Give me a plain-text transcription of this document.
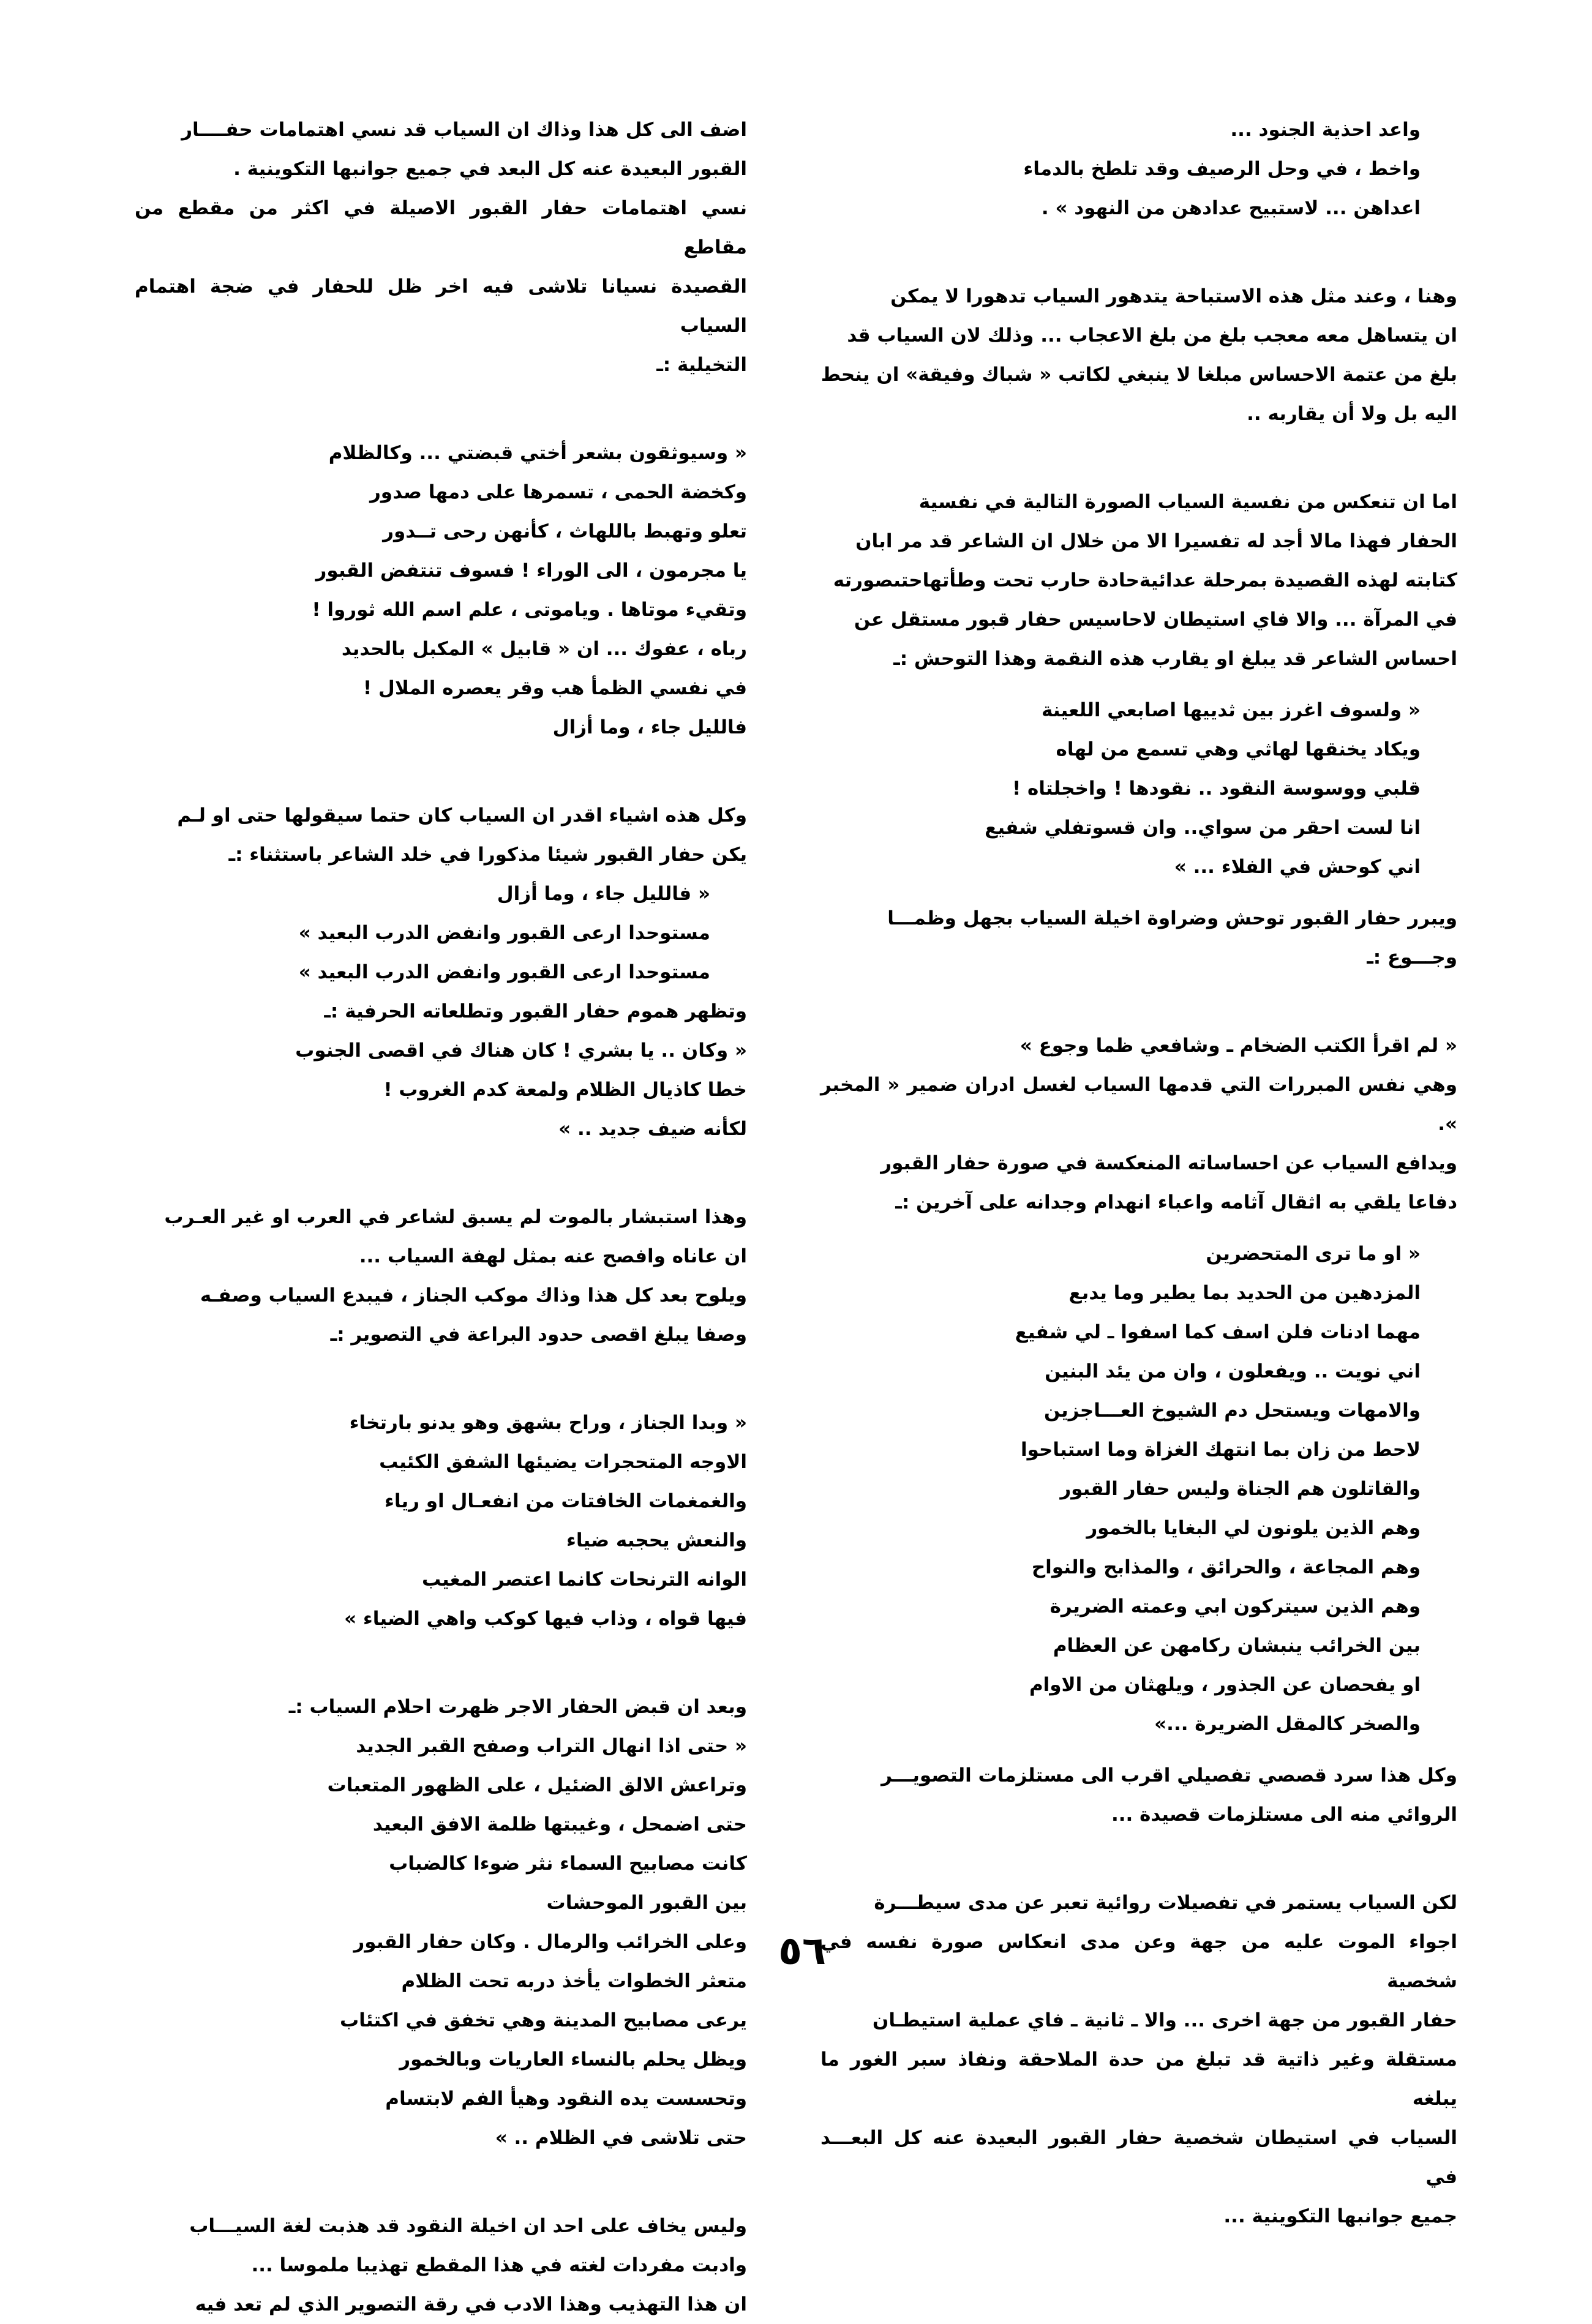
واعد احذية الجنود ...
واخط ، في وحل الرصيف وقد تلطخ بالدماء
اعداهن ... لاستبيح عدادهن من النهود » .
وهنا ، وعند مثل هذه الاستباحة يتدهور السياب تدهورا لا يمكن
ان يتساهل معه معجب بلغ من بلغ الاعجاب ... وذلك لان السياب قد
بلغ من عتمة الاحساس مبلغا لا ينبغي لكاتب « شباك وفيقة» ان ينحط
اليه بل ولا أن يقاربه ..
اما ان تنعكس من نفسية السياب الصورة التالية في نفسية
الحفار فهذا مالا أجد له تفسيرا الا من خلال ان الشاعر قد مر ابان
كتابته لهذه القصيدة بمرحلة عدائيةحادة حارب تحت وطأتهاحتىصورته
في المرآة ... والا فاي استيطان لاحاسيس حفار قبور مستقل عن
احساس الشاعر قد يبلغ او يقارب هذه النقمة وهذا التوحش :ـ
« ولسوف اغرز بين ثدييها اصابعي اللعينة
ويكاد يخنقها لهاثي وهي تسمع من لهاه
قلبي ووسوسة النقود .. نقودها ! واخجلتاه !
انا لست احقر من سواي.. وان قسوتفلي شفيع
اني كوحش في الفلاء ... »
ويبرر حفار القبور توحش وضراوة اخيلة السياب بجهل وظمـــا
وجـــوع :ـ
« لم اقرأ الكتب الضخام ـ وشافعي ظما وجوع »
وهي نفس المبررات التي قدمها السياب لغسل ادران ضمير « المخبر ».
ويدافع السياب عن احساساته المنعكسة في صورة حفار القبور
دفاعا يلقي به اثقال آثامه واعباء انهدام وجدانه على آخرين :ـ
« او ما ترى المتحضرين
المزدهين من الحديد بما يطير وما يدبع
مهما ادنات فلن اسف كما اسفوا ـ لي شفيع
اني نويت .. ويفعلون ، وان من يئد البنين
والامهات ويستحل دم الشيوخ العـــاجزين
لاحط من زان بما انتهك الغزاة وما استباحوا
والقاتلون هم الجناة وليس حفار القبور
وهم الذين يلونون لي البغايا بالخمور
وهم المجاعة ، والحرائق ، والمذابح والنواح
وهم الذين سيتركون ابي وعمته الضريرة
بين الخرائب ينبشان ركامهن عن العظام
او يفحصان عن الجذور ، ويلهثان من الاوام
والصخر كالمقل الضريرة ...»
وكل هذا سرد قصصي تفصيلي اقرب الى مستلزمات التصويـــر
الروائي منه الى مستلزمات قصيدة ...
لكن السياب يستمر في تفصيلات روائية تعبر عن مدى سيطـــرة
اجواء الموت عليه من جهة وعن مدى انعكاس صورة نفسه في شخصية
حفار القبور من جهة اخرى ... والا ـ ثانية ـ فاي عملية استيطـان
مستقلة وغير ذاتية قد تبلغ من حدة الملاحقة ونفاذ سبر الغور ما يبلغه
السياب في استيطان شخصية حفار القبور البعيدة عنه كل البعـــد في
جميع جوانبها التكوينية ...
اضف الى كل هذا وذاك ان السياب قد نسي اهتمامات حفــــار
القبور البعيدة عنه كل البعد في جميع جوانبها التكوينية .
نسي اهتمامات حفار القبور الاصيلة في اكثر من مقطع من مقاطع
القصيدة نسيانا تلاشى فيه اخر ظل للحفار في ضجة اهتمام السياب
التخيلية :ـ
« وسيوثقون بشعر أختي قبضتي ... وكالظلام
وكخضة الحمى ، تسمرها على دمها صدور
تعلو وتهبط باللهاث ، كأنهن رحى تــدور
يا مجرمون ، الى الوراء ! فسوف تنتفض القبور
وتقيء موتاها . وياموتى ، علم اسم الله ثوروا !
رباه ، عفوك ... ان « قابيل » المكبل بالحديد
في نفسي الظمأ هب وقر يعصره الملال !
فالليل جاء ، وما أزال
وكل هذه اشياء اقدر ان السياب كان حتما سيقولها حتى او لـم
يكن حفار القبور شيئا مذكورا في خلد الشاعر باستثناء :ـ
« فالليل جاء ، وما أزال
مستوحدا ارعى القبور وانفض الدرب البعيد »
مستوحدا ارعى القبور وانفض الدرب البعيد »
وتظهر هموم حفار القبور وتطلعاته الحرفية :ـ
« وكان .. يا بشري ! كان هناك في اقصى الجنوب
خطا كاذيال الظلام ولمعة كدم الغروب !
لكأنه ضيف جديد .. »
وهذا استبشار بالموت لم يسبق لشاعر في العرب او غير العـرب
ان عاناه وافصح عنه بمثل لهفة السياب ...
ويلوح بعد كل هذا وذاك موكب الجناز ، فيبدع السياب وصفـه
وصفا يبلغ اقصى حدود البراعة في التصوير :ـ
« وبدا الجناز ، وراح بشهق وهو يدنو بارتخاء
الاوجه المتحجرات يضيئها الشفق الكئيب
والغمغمات الخافتات من انفعـال او رياء
والنعش يحجبه ضياء
الوانه الترنحات كانما اعتصر المغيب
فيها قواه ، وذاب فيها كوكب واهي الضياء »
وبعد ان قبض الحفار الاجر ظهرت احلام السياب :ـ
« حتى اذا انهال التراب وصفح القبر الجديد
وتراعش الالق الضئيل ، على الظهور المتعبات
حتى اضمحل ، وغيبتها ظلمة الافق البعيد
كانت مصابيح السماء نثر ضوءا كالضباب
بين القبور الموحشات
وعلى الخرائب والرمال . وكان حفار القبور
متعثر الخطوات يأخذ دربه تحت الظلام
يرعى مصابيح المدينة وهي تخفق في اكتئاب
ويظل يحلم بالنساء العاريات وبالخمور
وتحسست يده النقود وهيأ الفم لابتسام
حتى تلاشى في الظلام .. »
وليس يخاف على احد ان اخيلة النقود قد هذبت لغة السيـــاب
وادبت مفردات لغته في هذا المقطع تهذيبا ملموسا ...
ان هذا التهذيب وهذا الادب في رقة التصوير الذي لم تعد فيه
٥٦
